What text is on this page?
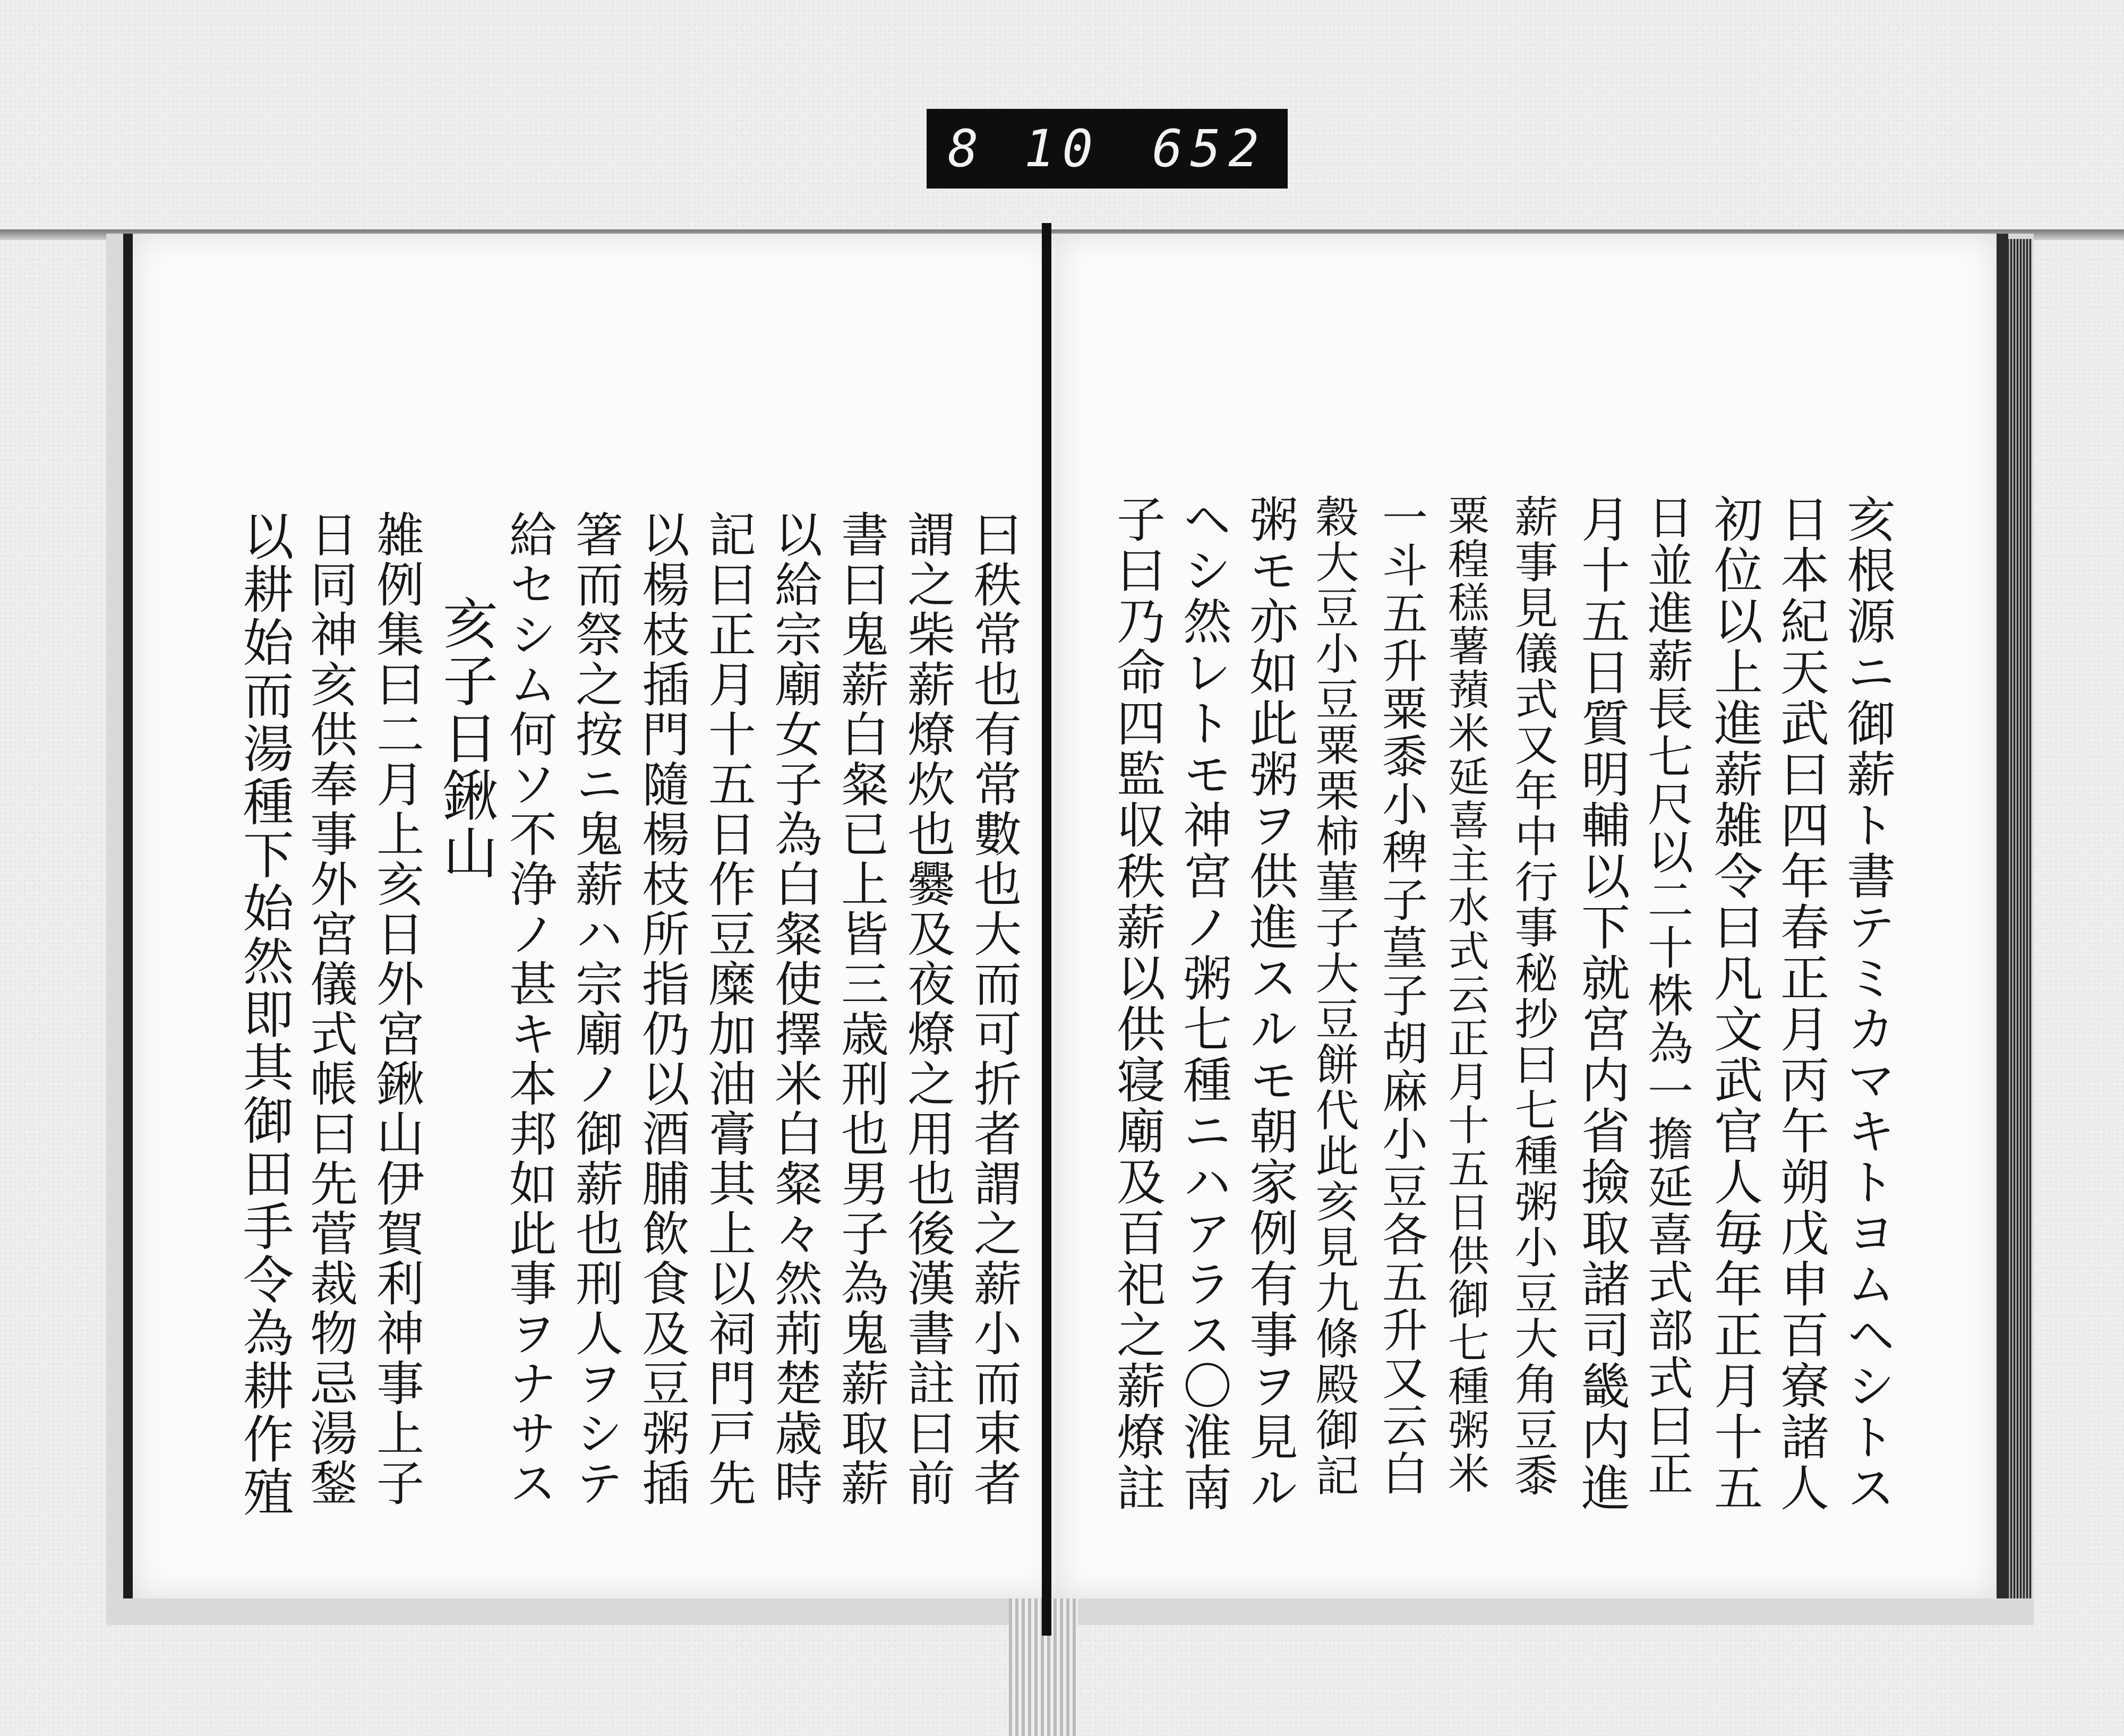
8 10 652
曰秩常也有常數也大而可折者謂之薪小而束者
謂之柴薪燎炊也爨及夜燎之用也後漢書註曰前
書曰鬼薪白粲已上皆三歳刑也男子為鬼薪取薪
以給宗廟女子為白粲使擇米白粲々然荊楚歳時
記曰正月十五日作豆糜加油膏其上以祠門戸先
以楊枝插門隨楊枝所指仍以酒脯飲食及豆粥插
箸而祭之按ニ鬼薪ハ宗廟ノ御薪也刑人ヲシテ
給セシム何ソ不浄ノ甚キ本邦如此事ヲナサス
亥子日鍬山
雑例集曰二月上亥日外宮鍬山伊賀利神事上子
日同神亥供奉事外宮儀式帳曰先菅裁物忌湯鍫
以耕始而湯種下始然即其御田手令為耕作殖	亥根源ニ御薪ト書テミカマキトヨムヘシトス
日本紀天武曰四年春正月丙午朔戊申百寮諸人
初位以上進薪雑令曰凡文武官人毎年正月十五
日並進薪長七尺以二十株為一擔延喜式部式曰正
月十五日質明輔以下就宮内省撿取諸司畿内進
薪事見儀式又年中行事秘抄曰七種粥小豆大角豆黍
粟䅣䅵薯蕷米延喜主水式云正月十五日供御七種粥米
一斗五升粟黍小稗子葟子胡麻小豆各五升又云白
穀大豆小豆粟栗柿菫子大豆餅代此亥見九條殿御記
粥モ亦如此粥ヲ供進スルモ朝家例有事ヲ見ル
ヘシ然レトモ神宮ノ粥七種ニハアラス〇淮南
子曰乃命四監収秩薪以供寝廟及百祀之薪燎註
